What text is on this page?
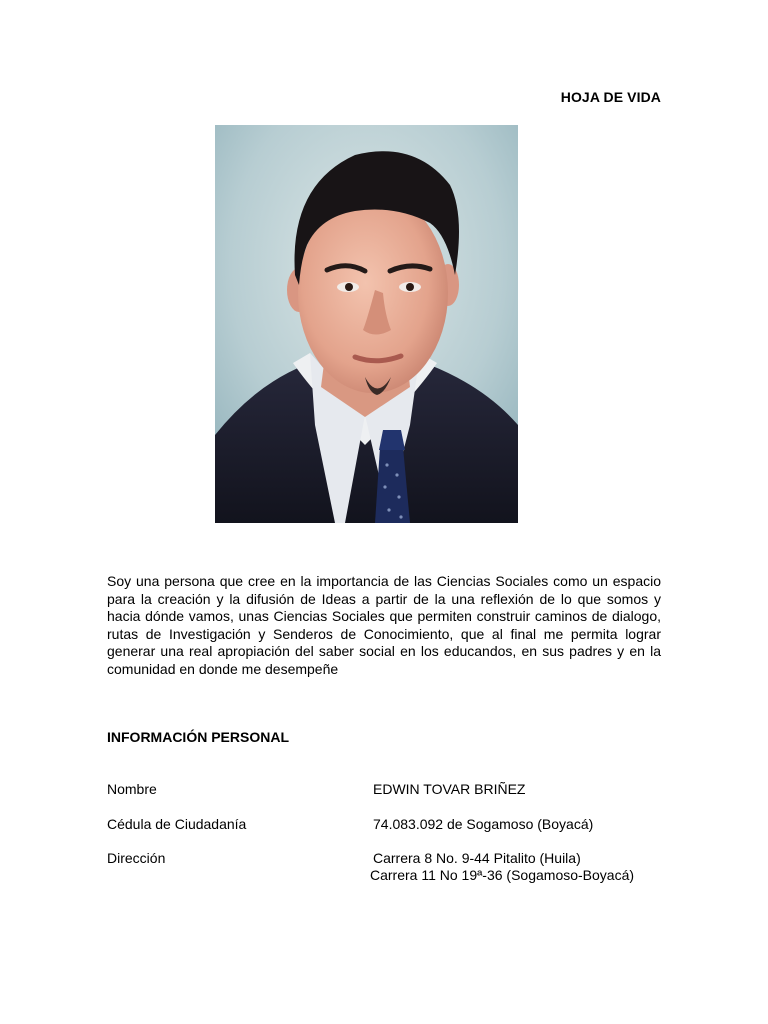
HOJA DE VIDA

Soy una persona que cree en la importancia de las Ciencias Sociales como un espacio para la creación y la difusión de Ideas a partir de la una reflexión de lo que somos y hacia dónde vamos, unas Ciencias Sociales que permiten construir caminos de dialogo, rutas de Investigación y Senderos de Conocimiento, que al final me permita lograr generar una real apropiación del saber social en los educandos, en sus padres y en la comunidad en donde me desempeñe

INFORMACIÓN PERSONAL
Nombre	EDWIN TOVAR BRIÑEZ
Cédula de Ciudadanía	74.083.092 de Sogamoso (Boyacá)
Dirección	Carrera 8 No. 9-44 Pitalito (Huila)
Carrera 11 No 19ª-36 (Sogamoso-Boyacá)
